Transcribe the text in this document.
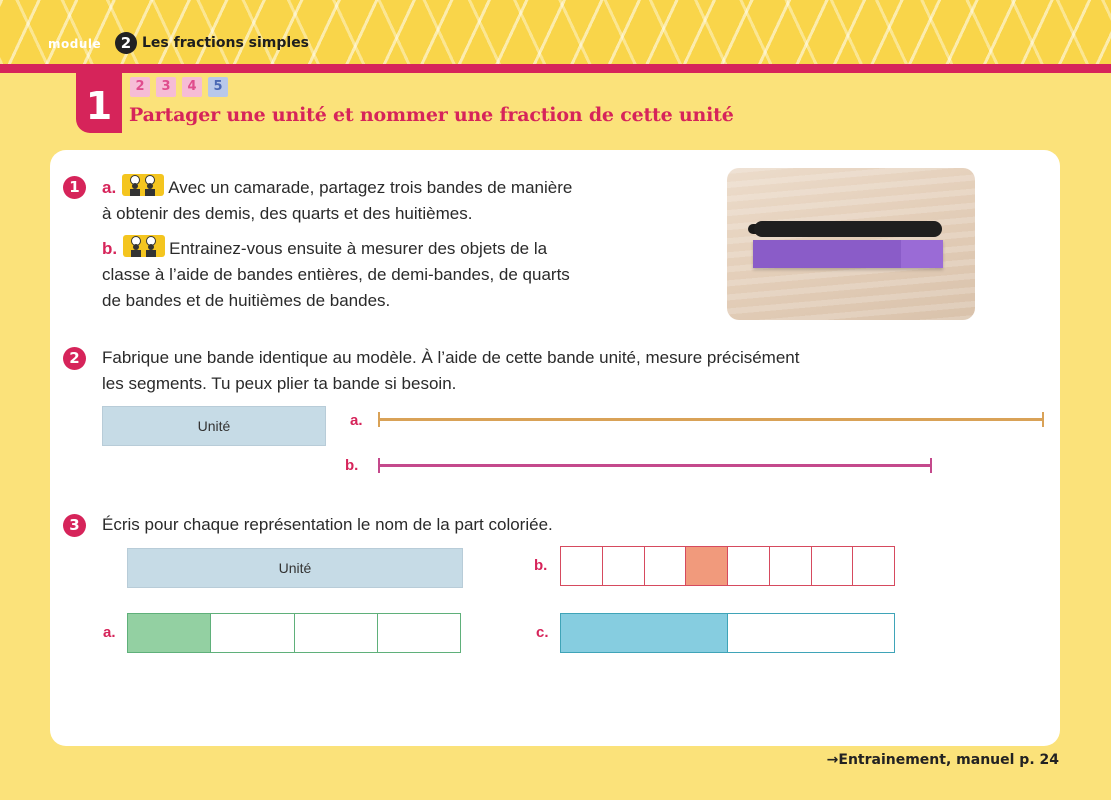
module	2 Les fractions simples
1	2	3	4	5
Partager une unité et nommer une fraction de cette unité
1	a.	Avec un camarade, partagez trois bandes de manière
à obtenir des demis, des quarts et des huitièmes.
b.	Entrainez-vous ensuite à mesurer des objets de la
classe à l’aide de bandes entières, de demi-bandes, de quarts
de bandes et de huitièmes de bandes.
2	Fabrique une bande identique au modèle. À l’aide de cette bande unité, mesure précisément
les segments. Tu peux plier ta bande si besoin.
Unité	a.
b.
3	Écris pour chaque représentation le nom de la part coloriée.
Unité
a.
b.
c.
→Entrainement, manuel p. 24
